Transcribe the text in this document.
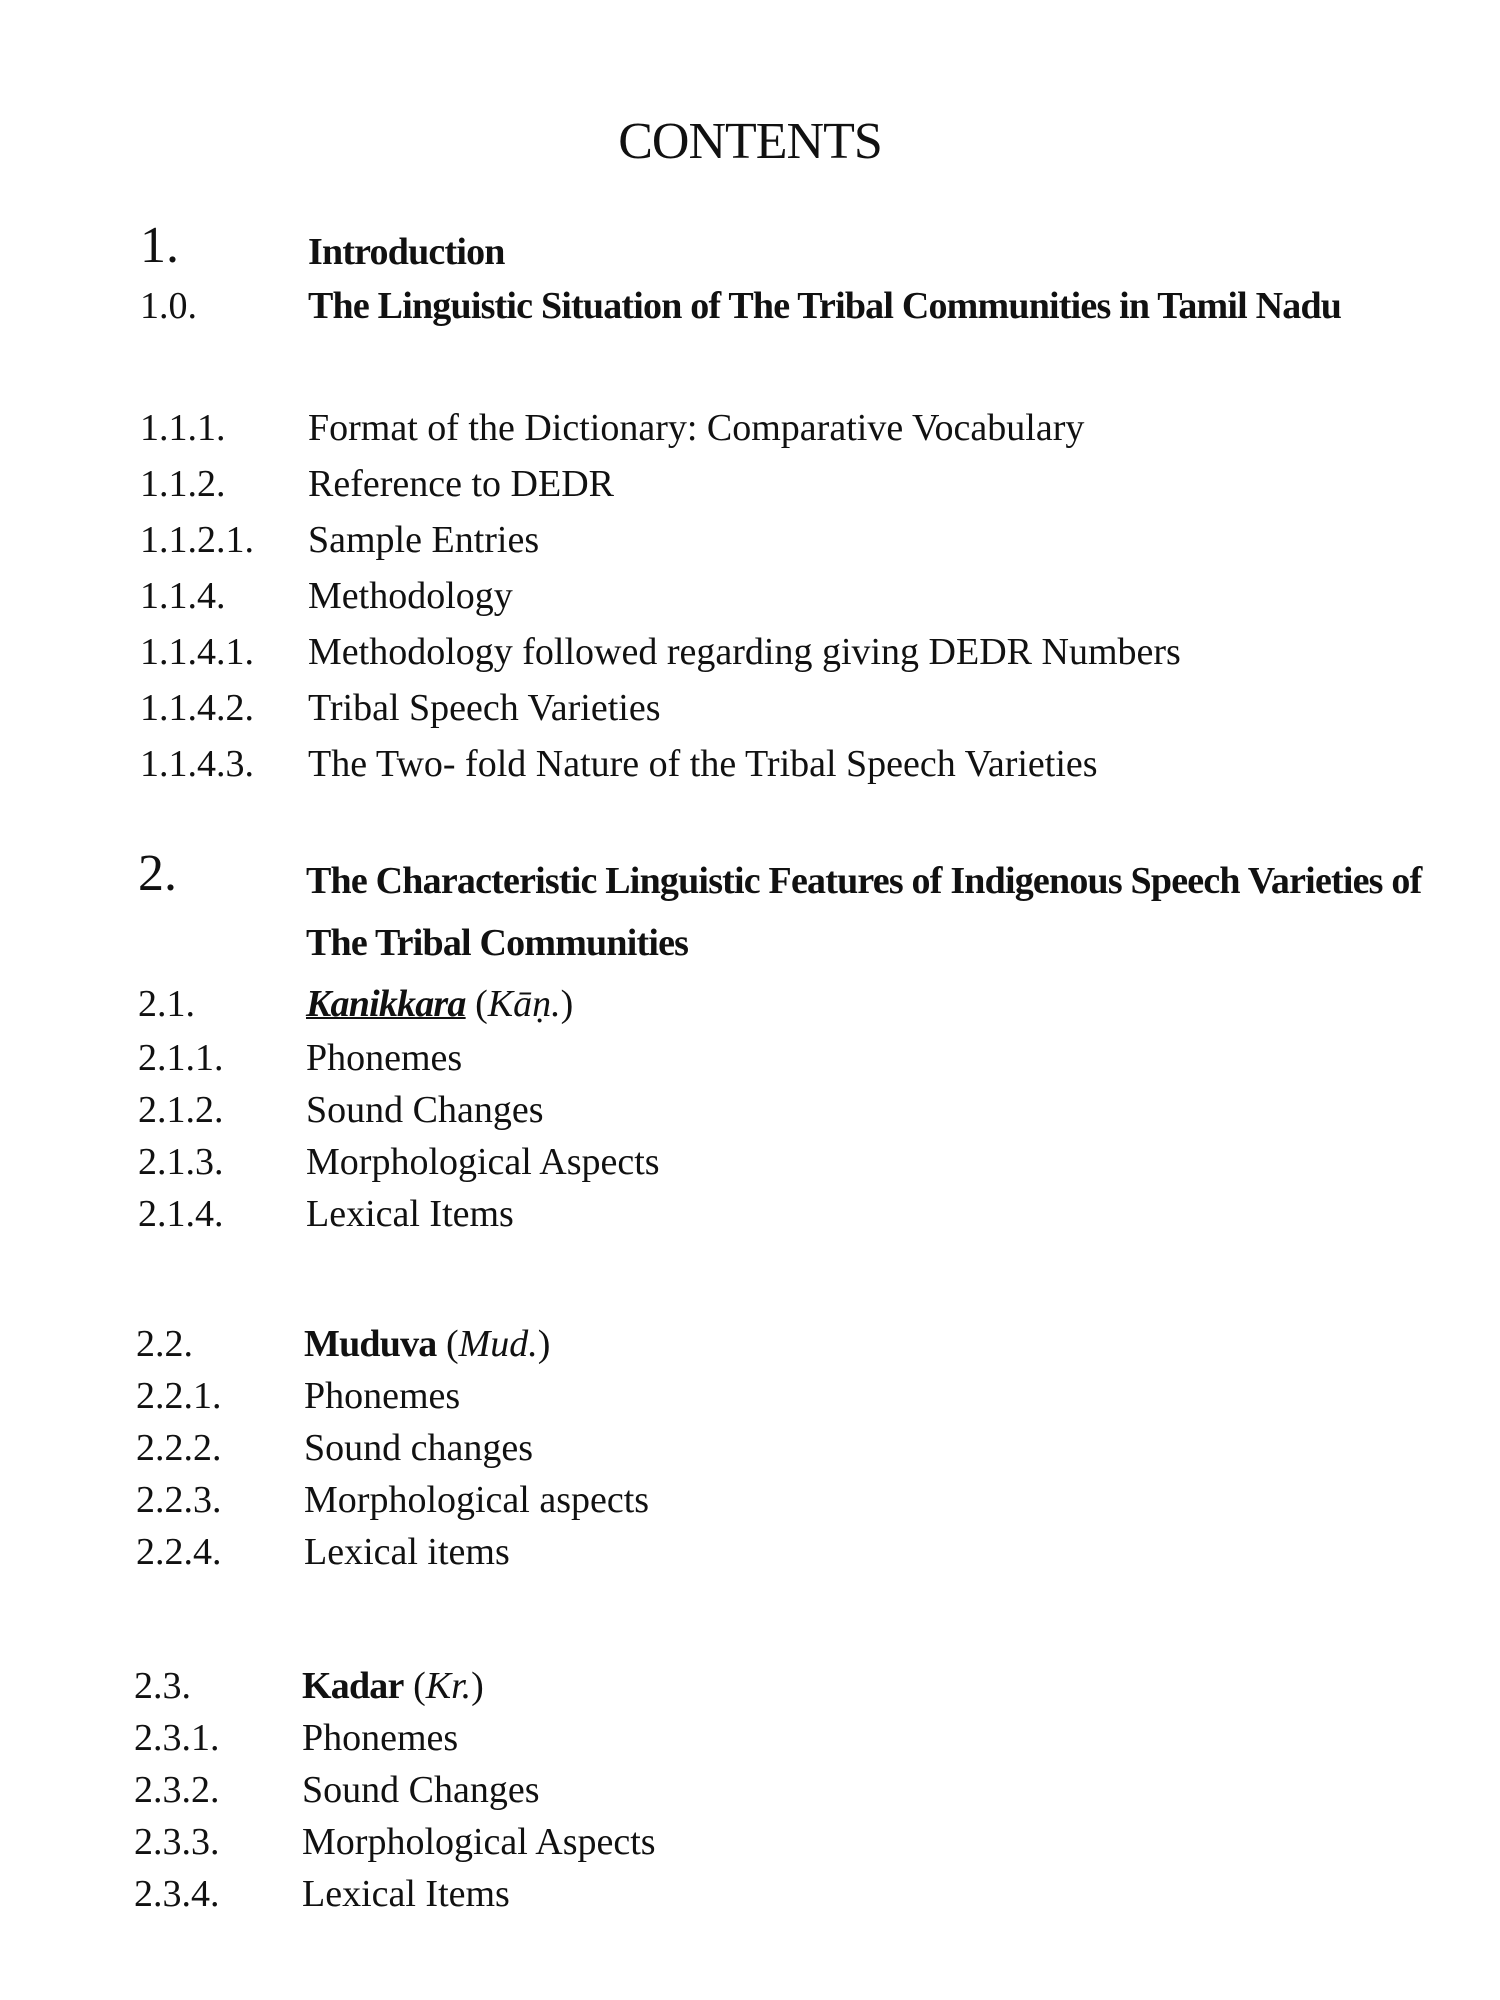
CONTENTS
1.	Introduction
1.0.	The Linguistic Situation of The Tribal Communities in Tamil Nadu
1.1.1. Format of the Dictionary: Comparative Vocabulary
1.1.2. Reference to DEDR
1.1.2.1. Sample Entries
1.1.4. Methodology
1.1.4.1. Methodology followed regarding giving DEDR Numbers
1.1.4.2. Tribal Speech Varieties
1.1.4.3. The Two- fold Nature of the Tribal Speech Varieties
2.	The Characteristic Linguistic Features of Indigenous Speech Varieties of The Tribal Communities
2.1.	Kanikkara (Kāṇ.)
2.1.1. Phonemes
2.1.2. Sound Changes
2.1.3. Morphological Aspects
2.1.4. Lexical Items
2.2.	Muduva (Mud.)
2.2.1. Phonemes
2.2.2. Sound changes
2.2.3. Morphological aspects
2.2.4. Lexical items
2.3.	Kadar (Kr.)
2.3.1. Phonemes
2.3.2. Sound Changes
2.3.3. Morphological Aspects
2.3.4. Lexical Items
